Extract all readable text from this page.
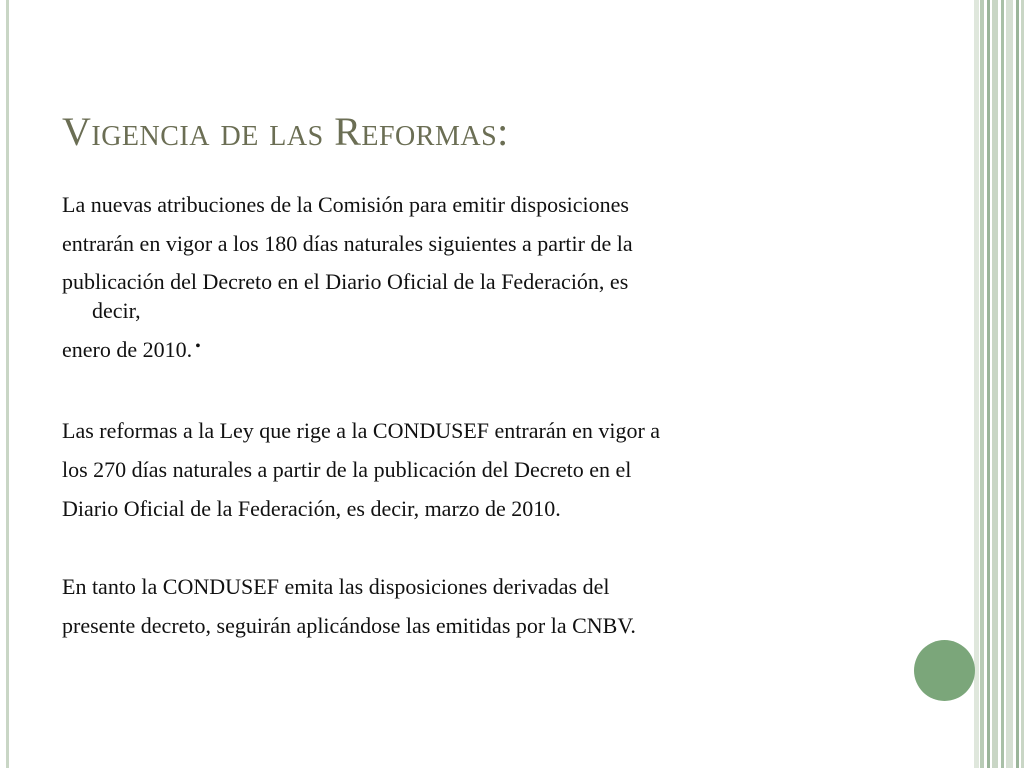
Vigencia de las Reformas:

La nuevas atribuciones de la Comisión para emitir disposiciones

entrarán en vigor a los 180 días naturales siguientes a partir de la

publicación del Decreto en el Diario Oficial de la Federación, es

decir,

enero de 2010. •

Las reformas a la Ley que rige a la CONDUSEF entrarán en vigor a

los 270 días naturales a partir de la publicación del Decreto en el

Diario Oficial de la Federación, es decir, marzo de 2010.

En tanto la CONDUSEF emita las disposiciones derivadas del

presente decreto, seguirán aplicándose las emitidas por la CNBV.
